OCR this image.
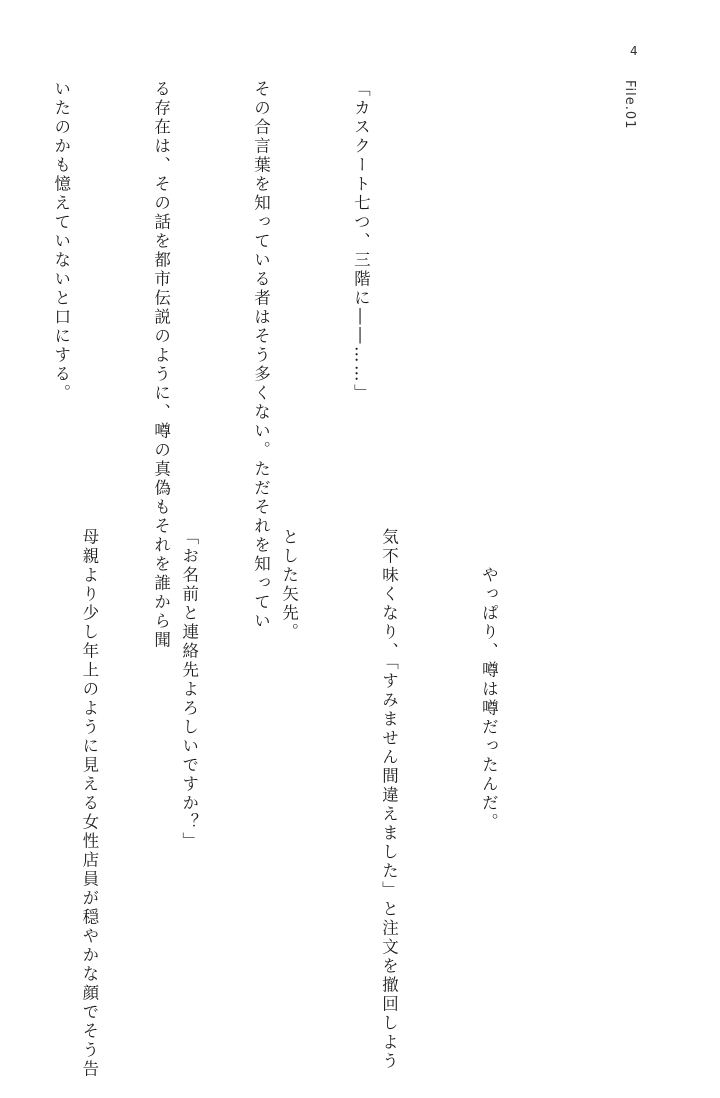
4
File.01

「カスクート七つ、三階に――……」

その合言葉を知っている者はそう多くない。ただそれを知ってい

る存在は、その話を都市伝説のように、噂の真偽もそれを誰から聞

いたのかも憶えていないと口にする。

　　やっぱり、噂は噂だったんだ。

気不味くなり、「すみません間違えました」と注文を撤回しよう

とした矢先。

「お名前と連絡先よろしいですか？」

母親より少し年上のように見える女性店員が穏やかな顔でそう告
